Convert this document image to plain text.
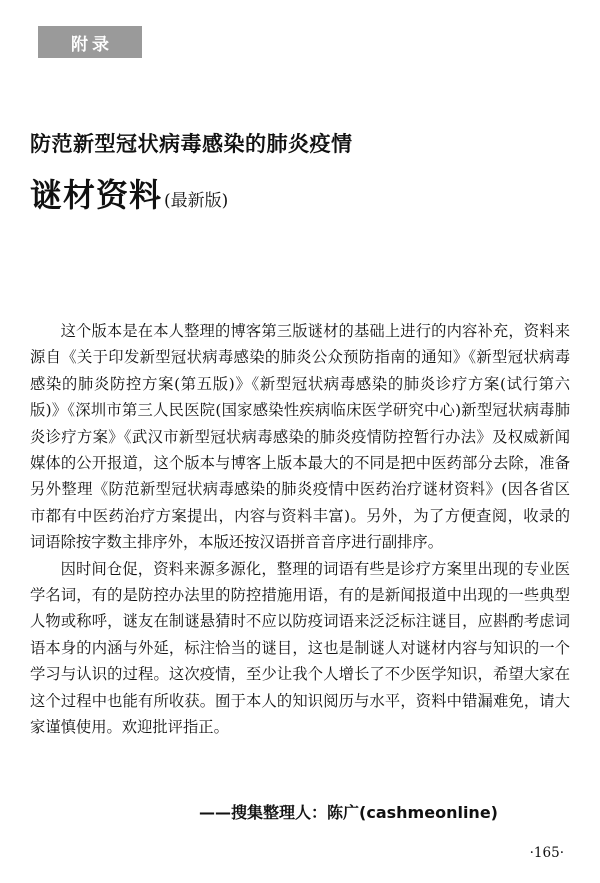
附录
防范新型冠状病毒感染的肺炎疫情
谜材资料 (最新版)

这个版本是在本人整理的博客第三版谜材的基础上进行的内容补充，资料来源自《关于印发新型冠状病毒感染的肺炎公众预防指南的通知》《新型冠状病毒感染的肺炎防控方案(第五版)》《新型冠状病毒感染的肺炎诊疗方案(试行第六版)》《深圳市第三人民医院(国家感染性疾病临床医学研究中心)新型冠状病毒肺炎诊疗方案》《武汉市新型冠状病毒感染的肺炎疫情防控暂行办法》及权威新闻媒体的公开报道，这个版本与博客上版本最大的不同是把中医药部分去除，准备另外整理《防范新型冠状病毒感染的肺炎疫情中医药治疗谜材资料》(因各省区市都有中医药治疗方案提出，内容与资料丰富)。另外，为了方便查阅，收录的词语除按字数主排序外，本版还按汉语拼音音序进行副排序。

因时间仓促，资料来源多源化，整理的词语有些是诊疗方案里出现的专业医学名词，有的是防控办法里的防控措施用语，有的是新闻报道中出现的一些典型人物或称呼，谜友在制谜悬猜时不应以防疫词语来泛泛标注谜目，应斟酌考虑词语本身的内涵与外延，标注恰当的谜目，这也是制谜人对谜材内容与知识的一个学习与认识的过程。这次疫情，至少让我个人增长了不少医学知识，希望大家在这个过程中也能有所收获。囿于本人的知识阅历与水平，资料中错漏难免，请大家谨慎使用。欢迎批评指正。

——搜集整理人：陈广(cashmeonline)
·165·
